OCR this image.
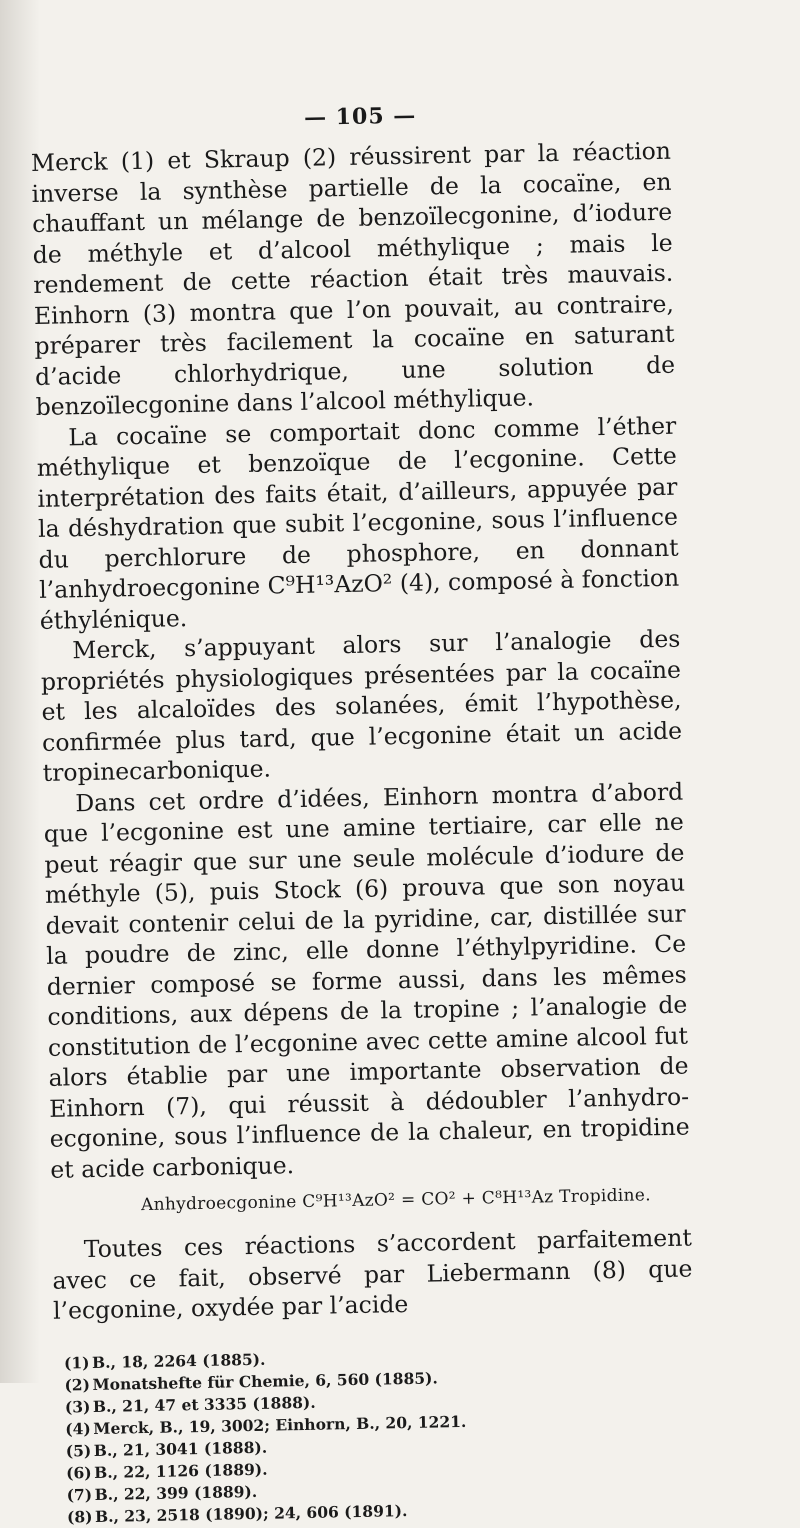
— 105 —

Merck (1) et Skraup (2) réussirent par la réaction inverse la synthèse partielle de la cocaïne, en chauffant un mélange de benzoïlecgonine, d’iodure de méthyle et d’alcool méthylique ; mais le rendement de cette réaction était très mauvais. Einhorn (3) montra que l’on pouvait, au contraire, préparer très facilement la cocaïne en saturant d’acide chlorhydrique, une solution de benzoïlecgonine dans l’alcool méthylique.

La cocaïne se comportait donc comme l’éther méthylique et benzoïque de l’ecgonine. Cette interprétation des faits était, d’ailleurs, appuyée par la déshydration que subit l’ecgonine, sous l’influence du perchlorure de phosphore, en donnant l’anhydroecgonine C⁹H¹³AzO² (4), composé à fonction éthylénique.

Merck, s’appuyant alors sur l’analogie des propriétés physiologiques présentées par la cocaïne et les alcaloïdes des solanées, émit l’hypothèse, confirmée plus tard, que l’ecgonine était un acide tropinecarbonique.

Dans cet ordre d’idées, Einhorn montra d’abord que l’ecgonine est une amine tertiaire, car elle ne peut réagir que sur une seule molécule d’iodure de méthyle (5), puis Stock (6) prouva que son noyau devait contenir celui de la pyridine, car, distillée sur la poudre de zinc, elle donne l’éthylpyridine. Ce dernier composé se forme aussi, dans les mêmes conditions, aux dépens de la tropine ; l’analogie de constitution de l’ecgonine avec cette amine alcool fut alors établie par une importante observation de Einhorn (7), qui réussit à dédoubler l’anhydro-ecgonine, sous l’influence de la chaleur, en tropidine et acide carbonique.

Anhydroecgonine C⁹H¹³AzO² = CO² + C⁸H¹³Az Tropidine.

Toutes ces réactions s’accordent parfaitement avec ce fait, observé par Liebermann (8) que l’ecgonine, oxydée par l’acide

(1) B., 18, 2264 (1885).
(2) Monatshefte für Chemie, 6, 560 (1885).
(3) B., 21, 47 et 3335 (1888).
(4) Merck, B., 19, 3002; Einhorn, B., 20, 1221.
(5) B., 21, 3041 (1888).
(6) B., 22, 1126 (1889).
(7) B., 22, 399 (1889).
(8) B., 23, 2518 (1890); 24, 606 (1891).
